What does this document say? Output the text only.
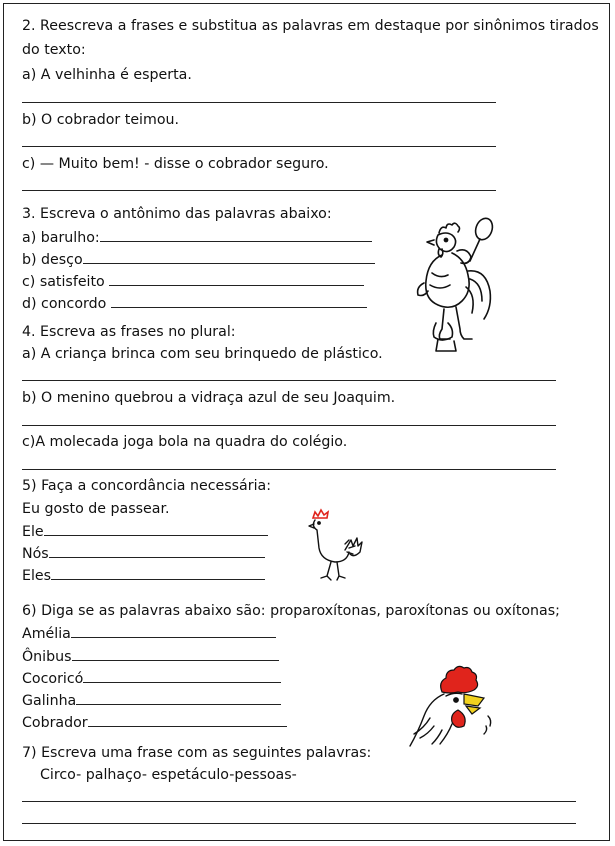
2. Reescreva a frases e substitua as palavras em destaque por sinônimos tirados
do texto:
a) A velhinha é esperta.
b) O cobrador teimou.
c) — Muito bem! - disse o cobrador seguro.
3. Escreva o antônimo das palavras abaixo:
a) barulho:
b) desço
c) satisfeito
d) concordo
4. Escreva as frases no plural:
a) A criança brinca com seu brinquedo de plástico.
b) O menino quebrou a vidraça azul de seu Joaquim.
c)A molecada joga bola na quadra do colégio.
5) Faça a concordância necessária:
Eu gosto de passear.
Ele
Nós
Eles
6) Diga se as palavras abaixo são: proparoxítonas, paroxítonas ou oxítonas;
Amélia
Ônibus
Cocoricó
Galinha
Cobrador
7) Escreva uma frase com as seguintes palavras:
Circo- palhaço- espetáculo-pessoas-
